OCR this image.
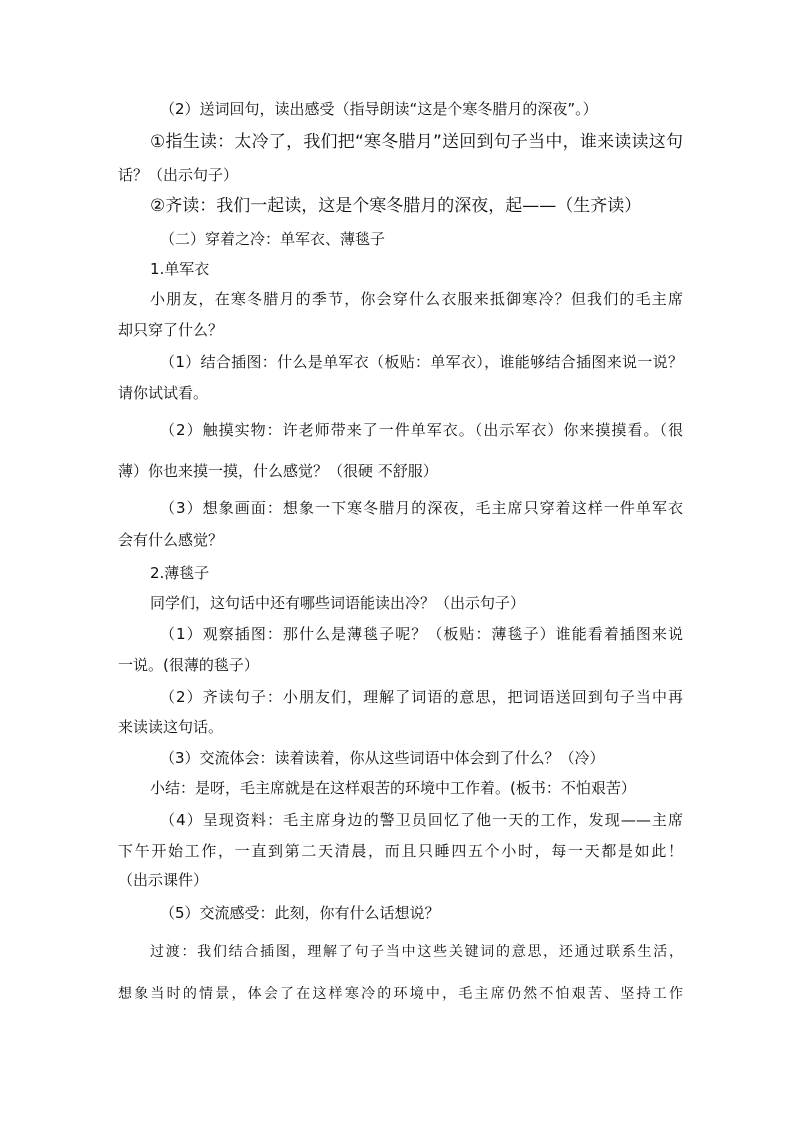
（2）送词回句，读出感受（指导朗读“这是个寒冬腊月的深夜”。）
①指生读：太冷了，我们把“寒冬腊月”送回到句子当中，谁来读读这句
话？（出示句子）
②齐读：我们一起读，这是个寒冬腊月的深夜，起——（生齐读）
（二）穿着之冷：单军衣、薄毯子
1.单军衣
小朋友，在寒冬腊月的季节，你会穿什么衣服来抵御寒冷？但我们的毛主席
却只穿了什么？
（1）结合插图：什么是单军衣（板贴：单军衣），谁能够结合插图来说一说？
请你试试看。
（2）触摸实物：许老师带来了一件单军衣。（出示军衣）你来摸摸看。（很
薄）你也来摸一摸，什么感觉？（很硬 不舒服）
（3）想象画面：想象一下寒冬腊月的深夜，毛主席只穿着这样一件单军衣
会有什么感觉？
2.薄毯子
同学们，这句话中还有哪些词语能读出冷？（出示句子）
（1）观察插图：那什么是薄毯子呢？（板贴：薄毯子）谁能看着插图来说
一说。(很薄的毯子）
（2）齐读句子：小朋友们，理解了词语的意思，把词语送回到句子当中再
来读读这句话。
（3）交流体会：读着读着，你从这些词语中体会到了什么？（冷）
小结：是呀，毛主席就是在这样艰苦的环境中工作着。(板书：不怕艰苦）
（4）呈现资料：毛主席身边的警卫员回忆了他一天的工作，发现——主席
下午开始工作，一直到第二天清晨，而且只睡四五个小时，每一天都是如此！
（出示课件）
（5）交流感受：此刻，你有什么话想说？
过渡：我们结合插图，理解了句子当中这些关键词的意思，还通过联系生活，
想象当时的情景，体会了在这样寒冷的环境中，毛主席仍然不怕艰苦、坚持工作
